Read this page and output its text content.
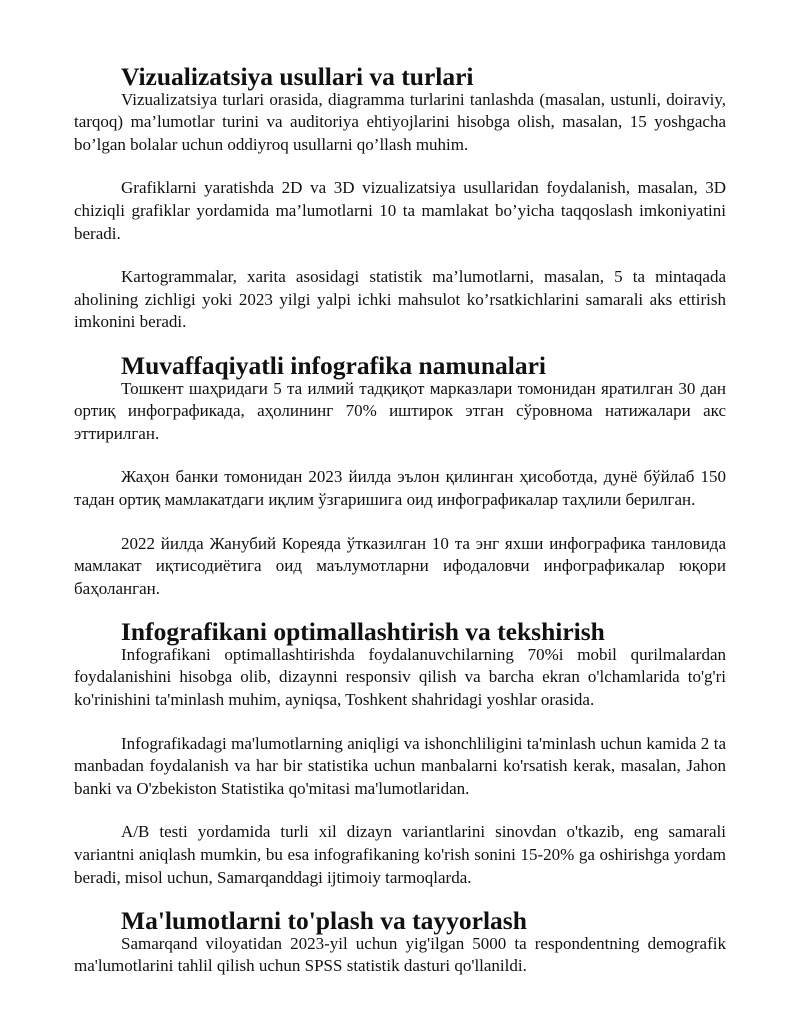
Vizualizatsiya usullari va turlari

Vizualizatsiya turlari orasida, diagramma turlarini tanlashda (masalan, ustunli, doiraviy, tarqoq) ma’lumotlar turini va auditoriya ehtiyojlarini hisobga olish, masalan, 15 yoshgacha bo’lgan bolalar uchun oddiyroq usullarni qo’llash muhim.

Grafiklarni yaratishda 2D va 3D vizualizatsiya usullaridan foydalanish, masalan, 3D chiziqli grafiklar yordamida ma’lumotlarni 10 ta mamlakat bo’yicha taqqoslash imkoniyatini beradi.

Kartogrammalar, xarita asosidagi statistik ma’lumotlarni, masalan, 5 ta mintaqada aholining zichligi yoki 2023 yilgi yalpi ichki mahsulot ko’rsatkichlarini samarali aks ettirish imkonini beradi.

Muvaffaqiyatli infografika namunalari

Тошкент шаҳридаги 5 та илмий тадқиқот марказлари томонидан яратилган 30 дан ортиқ инфографикада, аҳолининг 70% иштирок этган сўровнома натижалари акс эттирилган.

Жаҳон банки томонидан 2023 йилда эълон қилинган ҳисоботда, дунё бўйлаб 150 тадан ортиқ мамлакатдаги иқлим ўзгаришига оид инфографикалар таҳлили берилган.

2022 йилда Жанубий Кореяда ўтказилган 10 та энг яхши инфографика танловида мамлакат иқтисодиётига оид маълумотларни ифодаловчи инфографикалар юқори баҳоланган.

Infografikani optimallashtirish va tekshirish

Infografikani optimallashtirishda foydalanuvchilarning 70%i mobil qurilmalardan foydalanishini hisobga olib, dizaynni responsiv qilish va barcha ekran o'lchamlarida to'g'ri ko'rinishini ta'minlash muhim, ayniqsa, Toshkent shahridagi yoshlar orasida.

Infografikadagi ma'lumotlarning aniqligi va ishonchliligini ta'minlash uchun kamida 2 ta manbadan foydalanish va har bir statistika uchun manbalarni ko'rsatish kerak, masalan, Jahon banki va O'zbekiston Statistika qo'mitasi ma'lumotlaridan.

A/B testi yordamida turli xil dizayn variantlarini sinovdan o'tkazib, eng samarali variantni aniqlash mumkin, bu esa infografikaning ko'rish sonini 15-20% ga oshirishga yordam beradi, misol uchun, Samarqanddagi ijtimoiy tarmoqlarda.

Ma'lumotlarni to'plash va tayyorlash

Samarqand viloyatidan 2023-yil uchun yig'ilgan 5000 ta respondentning demografik ma'lumotlarini tahlil qilish uchun SPSS statistik dasturi qo'llanildi.
